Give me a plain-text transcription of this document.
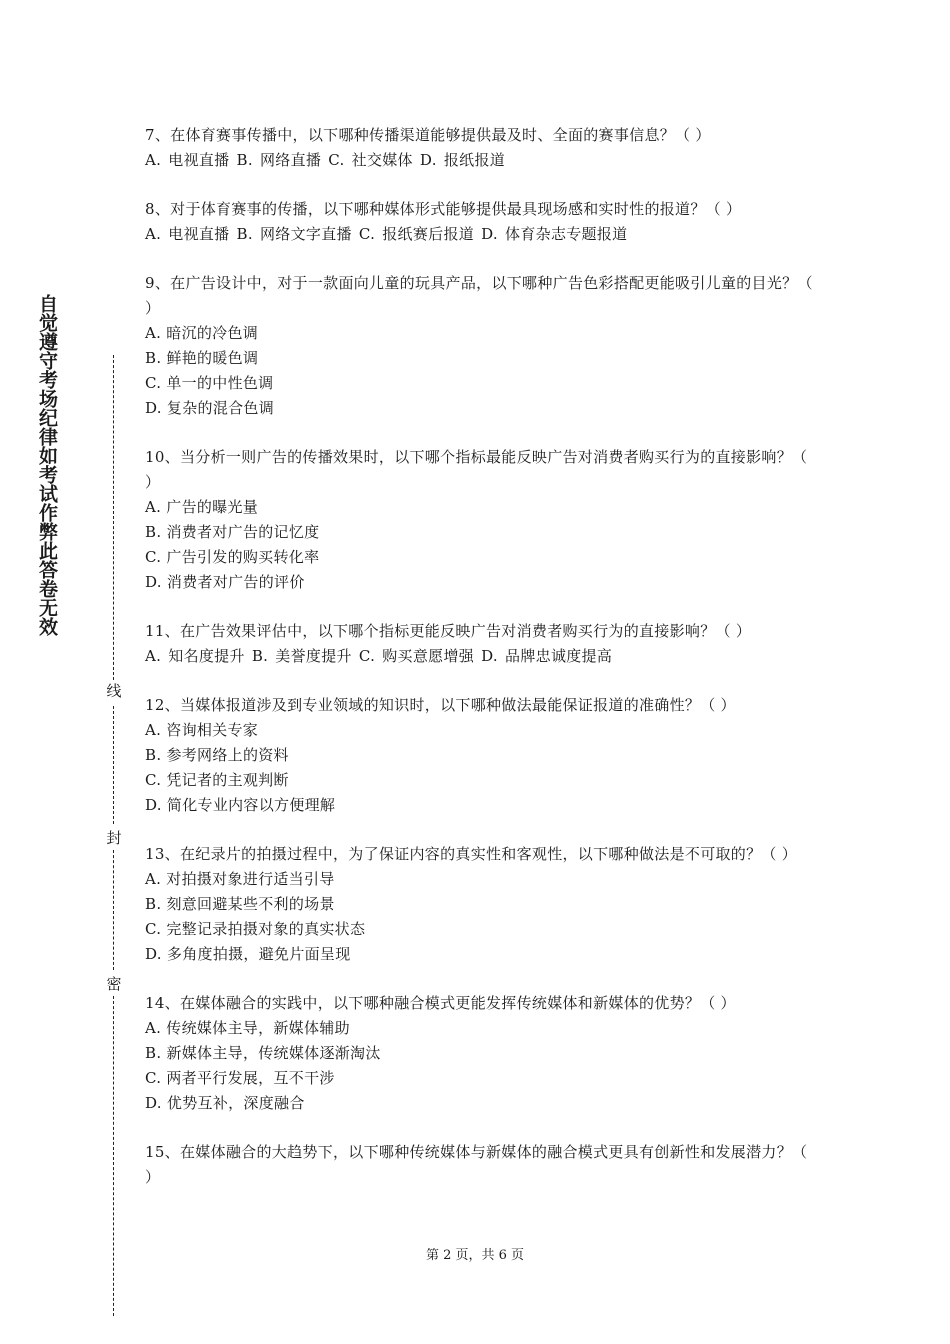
自觉遵守考场纪律如考试作弊此答卷无效
线
封
密
7、在体育赛事传播中，以下哪种传播渠道能够提供最及时、全面的赛事信息？（ ）
A. 电视直播 B. 网络直播 C. 社交媒体 D. 报纸报道
8、对于体育赛事的传播，以下哪种媒体形式能够提供最具现场感和实时性的报道？（ ）
A. 电视直播 B. 网络文字直播 C. 报纸赛后报道 D. 体育杂志专题报道
9、在广告设计中，对于一款面向儿童的玩具产品，以下哪种广告色彩搭配更能吸引儿童的目光？（ ）
A. 暗沉的冷色调
B. 鲜艳的暖色调
C. 单一的中性色调
D. 复杂的混合色调
10、当分析一则广告的传播效果时，以下哪个指标最能反映广告对消费者购买行为的直接影响？（ ）
A. 广告的曝光量
B. 消费者对广告的记忆度
C. 广告引发的购买转化率
D. 消费者对广告的评价
11、在广告效果评估中，以下哪个指标更能反映广告对消费者购买行为的直接影响？（ ）
A. 知名度提升 B. 美誉度提升 C. 购买意愿增强 D. 品牌忠诚度提高
12、当媒体报道涉及到专业领域的知识时，以下哪种做法最能保证报道的准确性？（ ）
A. 咨询相关专家
B. 参考网络上的资料
C. 凭记者的主观判断
D. 简化专业内容以方便理解
13、在纪录片的拍摄过程中，为了保证内容的真实性和客观性，以下哪种做法是不可取的？（ ）
A. 对拍摄对象进行适当引导
B. 刻意回避某些不利的场景
C. 完整记录拍摄对象的真实状态
D. 多角度拍摄，避免片面呈现
14、在媒体融合的实践中，以下哪种融合模式更能发挥传统媒体和新媒体的优势？（ ）
A. 传统媒体主导，新媒体辅助
B. 新媒体主导，传统媒体逐渐淘汰
C. 两者平行发展，互不干涉
D. 优势互补，深度融合
15、在媒体融合的大趋势下，以下哪种传统媒体与新媒体的融合模式更具有创新性和发展潜力？（ ）
第 2 页，共 6 页
